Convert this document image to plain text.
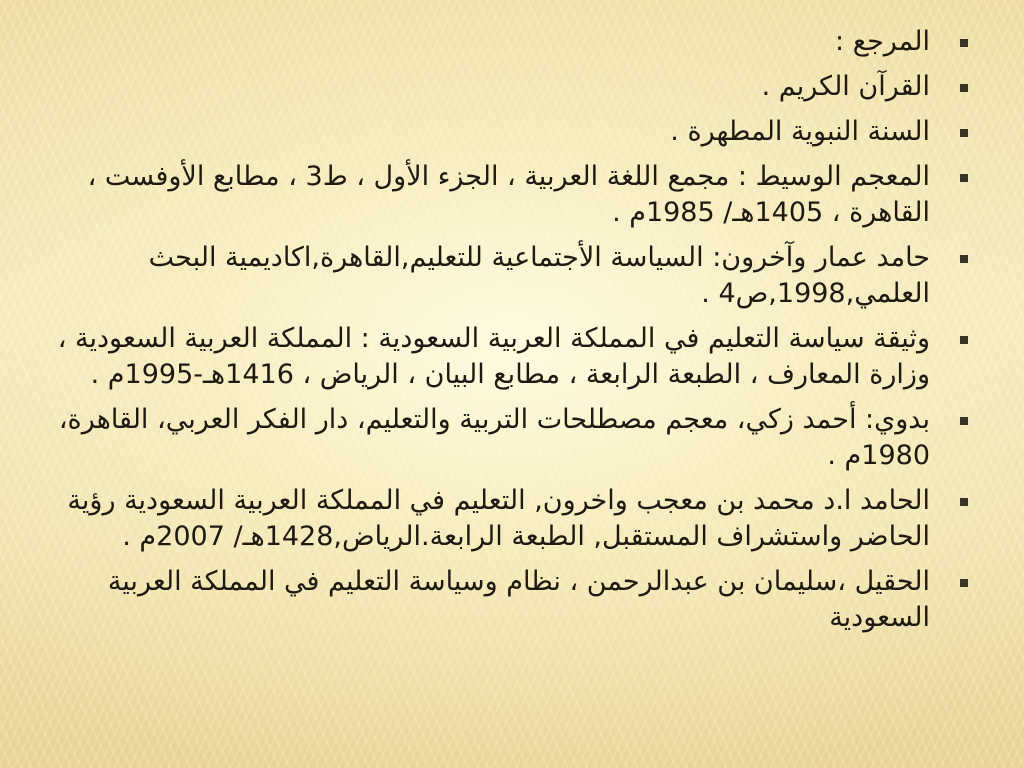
المرجع :
القرآن الكريم .
السنة النبوية المطهرة .
المعجم الوسيط : مجمع اللغة العربية ، الجزء الأول ، ط3 ، مطابع الأوفست ، القاهرة ، 1405هـ/ 1985م .
حامد عمار وآخرون: السياسة الأجتماعية للتعليم,القاهرة,اكاديمية البحث العلمي,1998,ص4 .
وثيقة سياسة التعليم في المملكة العربية السعودية : المملكة العربية السعودية ، وزارة المعارف ، الطبعة الرابعة ، مطابع البيان ، الرياض ، 1416هـ-1995م .
بدوي: أحمد زكي، معجم مصطلحات التربية والتعليم، دار الفكر العربي، القاهرة، 1980م .
الحامد ا.د محمد بن معجب واخرون, التعليم في المملكة العربية السعودية رؤية الحاضر واستشراف المستقبل, الطبعة الرابعة.الرياض,1428هـ/ 2007م .
الحقيل ،سليمان بن عبدالرحمن ، نظام وسياسة التعليم في المملكة العربية السعودية
